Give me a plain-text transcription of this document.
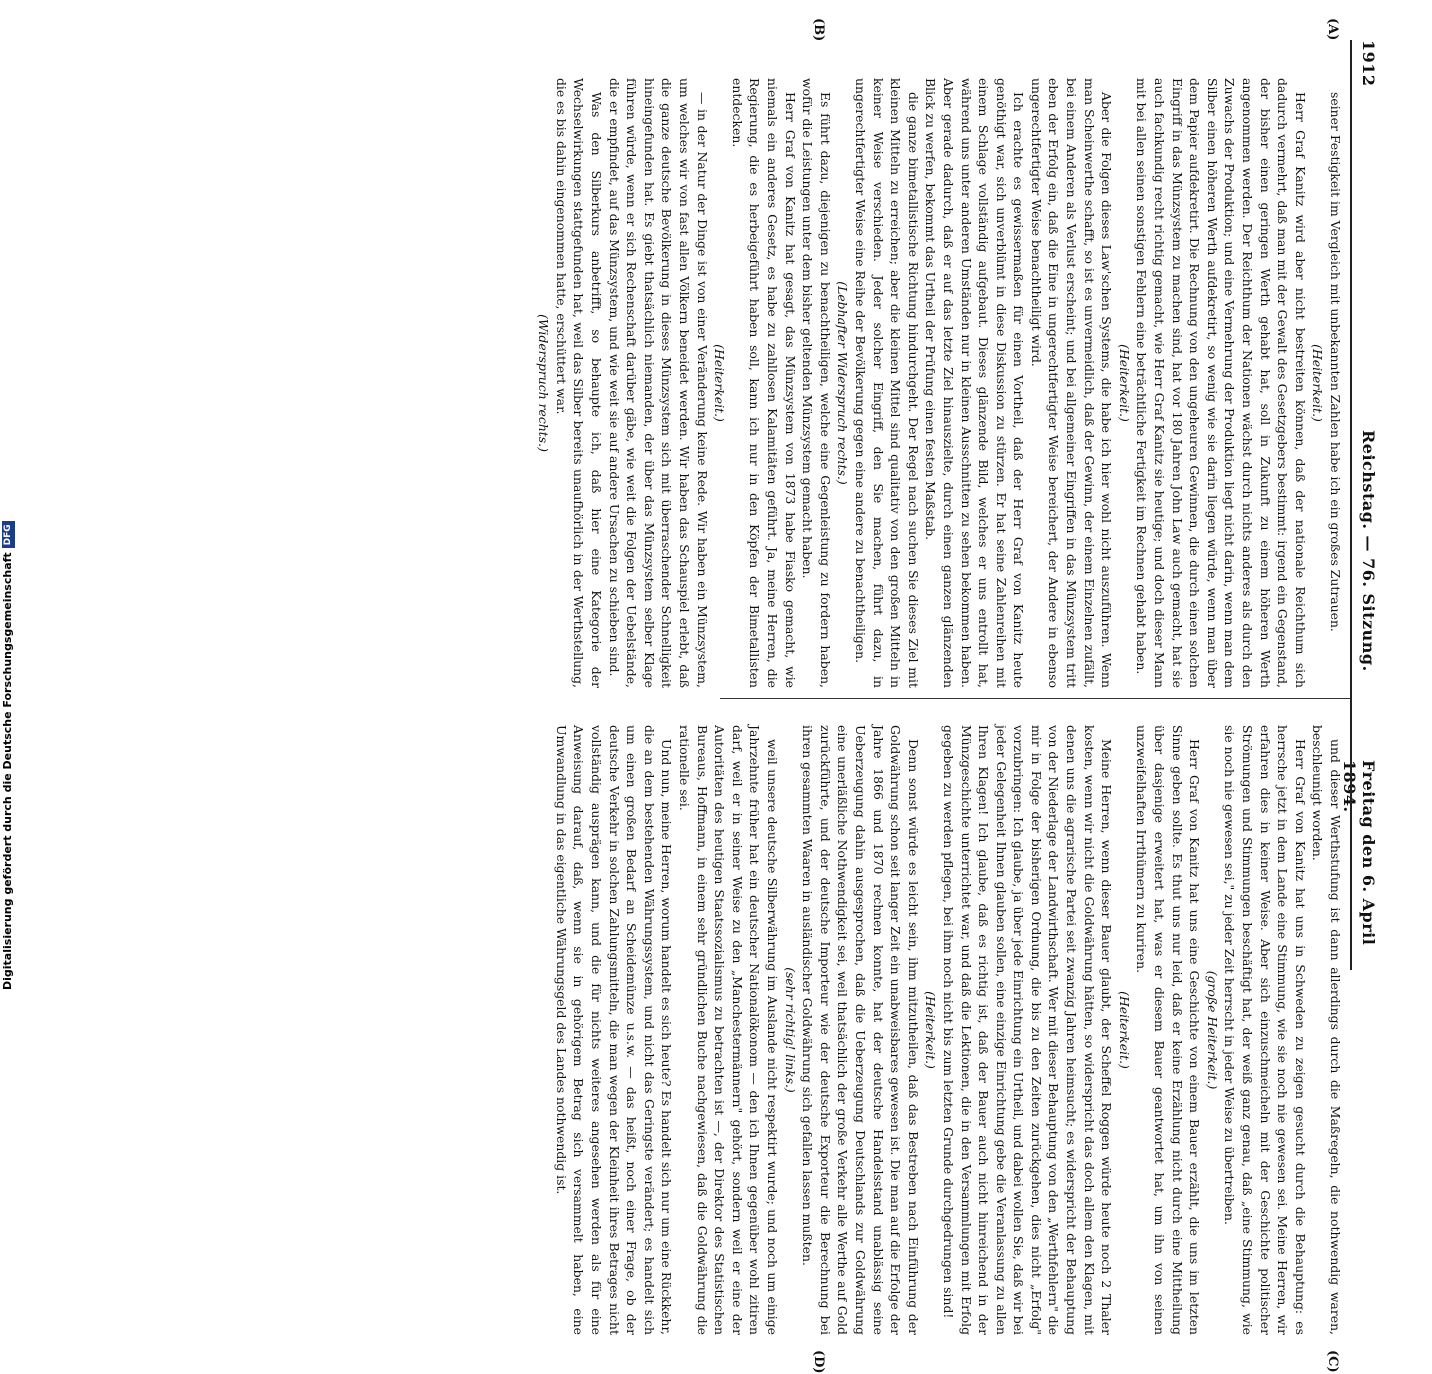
1912
Reichstag. — 76. Sitzung.
Freitag den 6. April 1894.
(A)
(B)
(C)
(D)

seiner Festigkeit im Vergleich mit unbekannten Zahlen habe ich ein großes Zutrauen.

(Heiterkeit.)

Herr Graf Kanitz wird aber nicht bestreiten können, daß der nationale Reichthum sich dadurch vermehrt, daß man mit der Gewalt des Gesetzgebers bestimmt: irgend ein Gegenstand, der bisher einen geringen Werth gehabt hat, soll in Zukunft zu einem höheren Werth angenommen werden. Der Reichthum der Nationen wächst durch nichts anderes als durch den Zuwachs der Produktion; und eine Vermehrung der Produktion liegt nicht darin, wenn man dem Silber einen höheren Werth aufdekretirt, so wenig wie sie darin liegen würde, wenn man über dem Papier aufdekretirt. Die Rechnung von den ungeheuren Gewinnen, die durch einen solchen Eingriff in das Münzsystem zu machen sind, hat vor 180 Jahren John Law auch gemacht, hat sie auch fachkundig recht richtig gemacht, wie Herr Graf Kanitz sie heutige; und doch dieser Mann mit bei allen seinen sonstigen Fehlern eine beträchtliche Fertigkeit im Rechnen gehabt haben.

(Heiterkeit.)

Aber die Folgen dieses Law'schen Systems, die habe ich hier wohl nicht auszuführen. Wenn man Scheinwerthe schafft, so ist es unvermeidlich, daß der Gewinn, der einem Einzelnen zufällt, bei einem Anderen als Verlust erscheint; und bei allgemeiner Eingriffen in das Münzsystem tritt eben der Erfolg ein, daß die Eine in ungerechtfertigter Weise bereichert, der Andere in ebenso ungerechtfertigter Weise benachtheiligt wird.

Ich erachte es gewissermaßen für einen Vortheil, daß der Herr Graf von Kanitz heute genöthigt war, sich unverblümt in diese Diskussion zu stürzen. Er hat seine Zahlenreihen mit einem Schlage vollständig aufgebaut. Dieses glänzende Bild, welches er uns entrollt hat, während uns unter anderen Umständen nur in kleinen Ausschnitten zu sehen bekommen haben. Aber gerade dadurch, daß er auf das letzte Ziel hinauszielte, durch einen ganzen glänzenden Blick zu werfen, bekommt das Urtheil der Prüfung einen festen Maßstab.

die ganze bimetallistische Richtung hindurchgeht. Der Regel nach suchen Sie dieses Ziel mit kleinen Mitteln zu erreichen; aber die kleinen Mittel sind qualitativ von den großen Mitteln in keiner Weise verschieden. Jeder solcher Eingriff, den Sie machen, führt dazu, in ungerechtfertigter Weise eine Reihe der Bevölkerung gegen eine andere zu benachtheiligen.

(Lebhafter Widerspruch rechts.)

Es führt dazu, diejenigen zu benachtheiligen, welche eine Gegenleistung zu fordern haben, wofür die Leistungen unter dem bisher geltenden Münzsystem gemacht haben.

Herr Graf von Kanitz hat gesagt, das Münzsystem von 1873 habe Fiasko gemacht, wie niemals ein anderes Gesetz, es habe zu zahllosen Kalamitäten geführt. Ja, meine Herren, die Regierung, die es herbeigeführt haben soll, kann ich nur in den Köpfen der Bimetallisten entdecken.

(Heiterkeit.)

— in der Natur der Dinge ist von einer Veränderung keine Rede. Wir haben ein Münzsystem, um welches wir von fast allen Völkern beneidet werden. Wir haben das Schauspiel erlebt, daß die ganze deutsche Bevölkerung in dieses Münzsystem sich mit überraschender Schnelligkeit hineingefunden hat. Es giebt thatsächlich niemanden, der über das Münzsystem selber Klage führen würde, wenn er sich Rechenschaft darüber gäbe, wie weit die Folgen der Uebelstände, die er empfindet, auf das Münzsystem, und wie weit sie auf andere Ursachen zu schieben sind.

Was den Silberkurs anbetrifft, so behaupte ich, daß hier eine Kategorie der Wechselwirkungen stattgefunden hat, weil das Silber bereits unaufhörlich in der Werthstellung, die es bis dahin eingenommen hatte, erschüttert war.

(Widerspruch rechts.)

und dieser Werthstufung ist dann allerdings durch die Maßregeln, die nothwendig waren, beschleunigt worden.

Herr Graf von Kanitz hat uns in Schweden zu zeigen gesucht durch die Behauptung: es herrsche jetzt in dem Lande eine Stimmung, wie sie noch nie gewesen sei. Meine Herren, wir erfahren dies in keiner Weise. Aber sich einzuschmeicheln mit der Geschichte politischer Strömungen und Stimmungen beschäftigt hat, der weiß ganz genau, daß „eine Stimmung, wie sie noch nie gewesen sei," zu jeder Zeit herrscht in jeder Weise zu übertreiben.

(große Heiterkeit.)

Herr Graf von Kanitz hat uns eine Geschichte von einem Bauer erzählt, die uns im letzten Sinne geben sollte. Es thut uns nur leid, daß er keine Erzählung nicht durch eine Mittheilung über dasjenige erweitert hat, was er diesem Bauer geantwortet hat, um ihn von seinen unzweifelhaften Irrthümern zu kuriren.

(Heiterkeit.)

Meine Herren, wenn dieser Bauer glaubt, der Scheffel Roggen würde heute noch 2 Thaler kosten, wenn wir nicht die Goldwährung hätten, so widerspricht das doch allem den Klagen, mit denen uns die agrarische Partei seit zwanzig Jahren heimsucht; es widerspricht der Behauptung von der Niederlage der Landwirthschaft. Wer mit dieser Behauptung von den „Werthfehlern" die mir in Folge der bisherigen Ordnung, die bis zu den Zeiten zurückgehen, dies nicht „Erfolg" vorzubringen: Ich glaube, ja über jede Einrichtung ein Urtheil, und dabei wollen Sie, daß wir bei jeder Gelegenheit Ihnen glauben sollen, eine einzige Einrichtung gebe die Veranlassung zu allen Ihren Klagen! Ich glaube, daß es richtig ist, daß der Bauer auch nicht hinreichend in der Münzgeschichte unterrichtet war, und daß die Lektionen, die in den Versammlungen mit Erfolg gegeben zu werden pflegen, bei ihm noch nicht bis zum letzten Grunde durchgedrungen sind!

(Heiterkeit.)

Denn sonst würde es leicht sein, ihm mitzutheilen, daß das Bestreben nach Einführung der Goldwährung schon seit langer Zeit ein unabweisbares gewesen ist. Die man auf die Erfolge der Jahre 1866 und 1870 rechnen konnte, hat der deutsche Handelsstand unablässig seine Ueberzeugung dahin ausgesprochen, daß die Ueberzeugung Deutschlands zur Goldwährung eine unerläßliche Nothwendigkeit sei, weil thatsächlich der große Verkehr alle Werthe auf Gold zurückführte, und der deutsche Importeur wie der deutsche Exporteur die Berechnung bei ihren gesammten Waaren in ausländischer Goldwährung sich gefallen lassen mußten.

(sehr richtig! links.)

weil unsere deutsche Silberwährung im Auslande nicht respektirt wurde; und noch um einige Jahrzehnte früher hat ein deutscher Nationalökonom — den ich Ihnen gegenüber wohl zitiren darf, weil er in seiner Weise zu den „Manchestermännern" gehört, sondern weil er eine der Autoritäten des heutigen Staatssozialismus zu betrachten ist —, der Direktor des Statistischen Bureaus, Hoffmann, in einem sehr gründlichen Buche nachgewiesen, daß die Goldwährung die rationelle sei.

Und nun, meine Herren, worum handelt es sich heute? Es handelt sich nur um eine Rückkehr, die an dem bestehenden Währungssystem, und nicht das Geringste verändert; es handelt sich um einen großen Bedarf an Scheidemünze u.s.w. — das heißt, noch einer Frage, ob der deutsche Verkehr in solchen Zahlungsmitteln, die man wegen der Kleinheit ihres Betrages nicht vollständig ausprägen kann, und die für nichts weiteres angesehen werden als für eine Anweisung darauf, daß, wenn sie in gehörigem Betrag sich versammelt haben, eine Umwandlung in das eigentliche Währungsgeld des Landes nothwendig ist.

Digitalisierung gefördert durch die Deutsche ForschungsgemeinschaftDFG
